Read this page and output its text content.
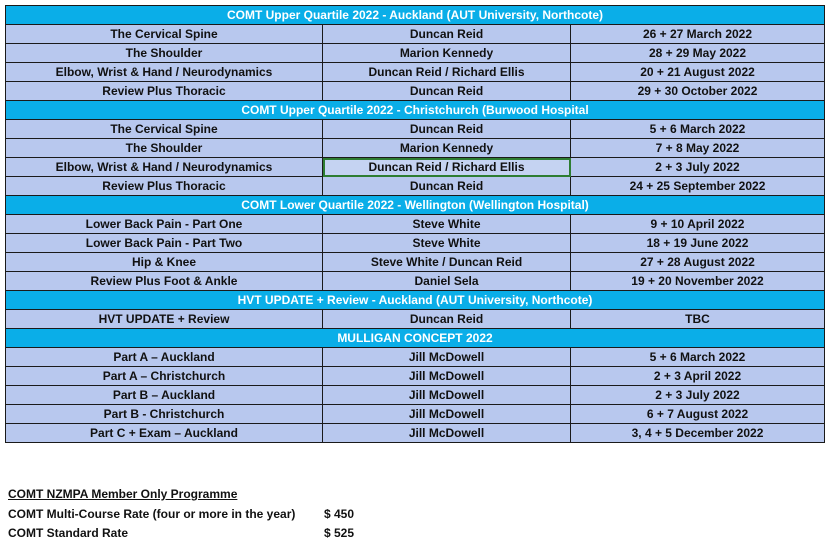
COMT Upper Quartile 2022 - Auckland (AUT University, Northcote)		
The Cervical Spine	Duncan Reid	26 + 27 March 2022
The Shoulder	Marion Kennedy	28 + 29 May 2022
Elbow, Wrist & Hand / Neurodynamics	Duncan Reid / Richard Ellis	20 + 21 August 2022
Review Plus Thoracic	Duncan Reid	29 + 30 October 2022
COMT Upper Quartile 2022 - Christchurch (Burwood Hospital		
The Cervical Spine	Duncan Reid	5 + 6 March 2022
The Shoulder	Marion Kennedy	7 + 8 May 2022
Elbow, Wrist & Hand / Neurodynamics	Duncan Reid / Richard Ellis	2 + 3 July 2022
Review Plus Thoracic	Duncan Reid	24 + 25 September 2022
COMT Lower Quartile 2022 - Wellington (Wellington Hospital)		
Lower Back Pain - Part One	Steve White	9 + 10 April 2022
Lower Back Pain - Part Two	Steve White	18 + 19 June 2022
Hip & Knee	Steve White / Duncan Reid	27 + 28 August 2022
Review Plus Foot & Ankle	Daniel Sela	19 + 20 November 2022
HVT UPDATE + Review - Auckland (AUT University, Northcote)		
HVT UPDATE + Review	Duncan Reid	TBC
MULLIGAN CONCEPT 2022		
Part A – Auckland	Jill McDowell	5 + 6 March 2022
Part A – Christchurch	Jill McDowell	2 + 3 April 2022
Part B – Auckland	Jill McDowell	2 + 3 July 2022
Part B - Christchurch	Jill McDowell	6 + 7 August 2022
Part C + Exam – Auckland	Jill McDowell	3, 4 + 5 December 2022
COMT NZMPA Member Only Programme
COMT Multi-Course Rate (four or more in the year) $ 450
COMT Standard Rate	$ 525
